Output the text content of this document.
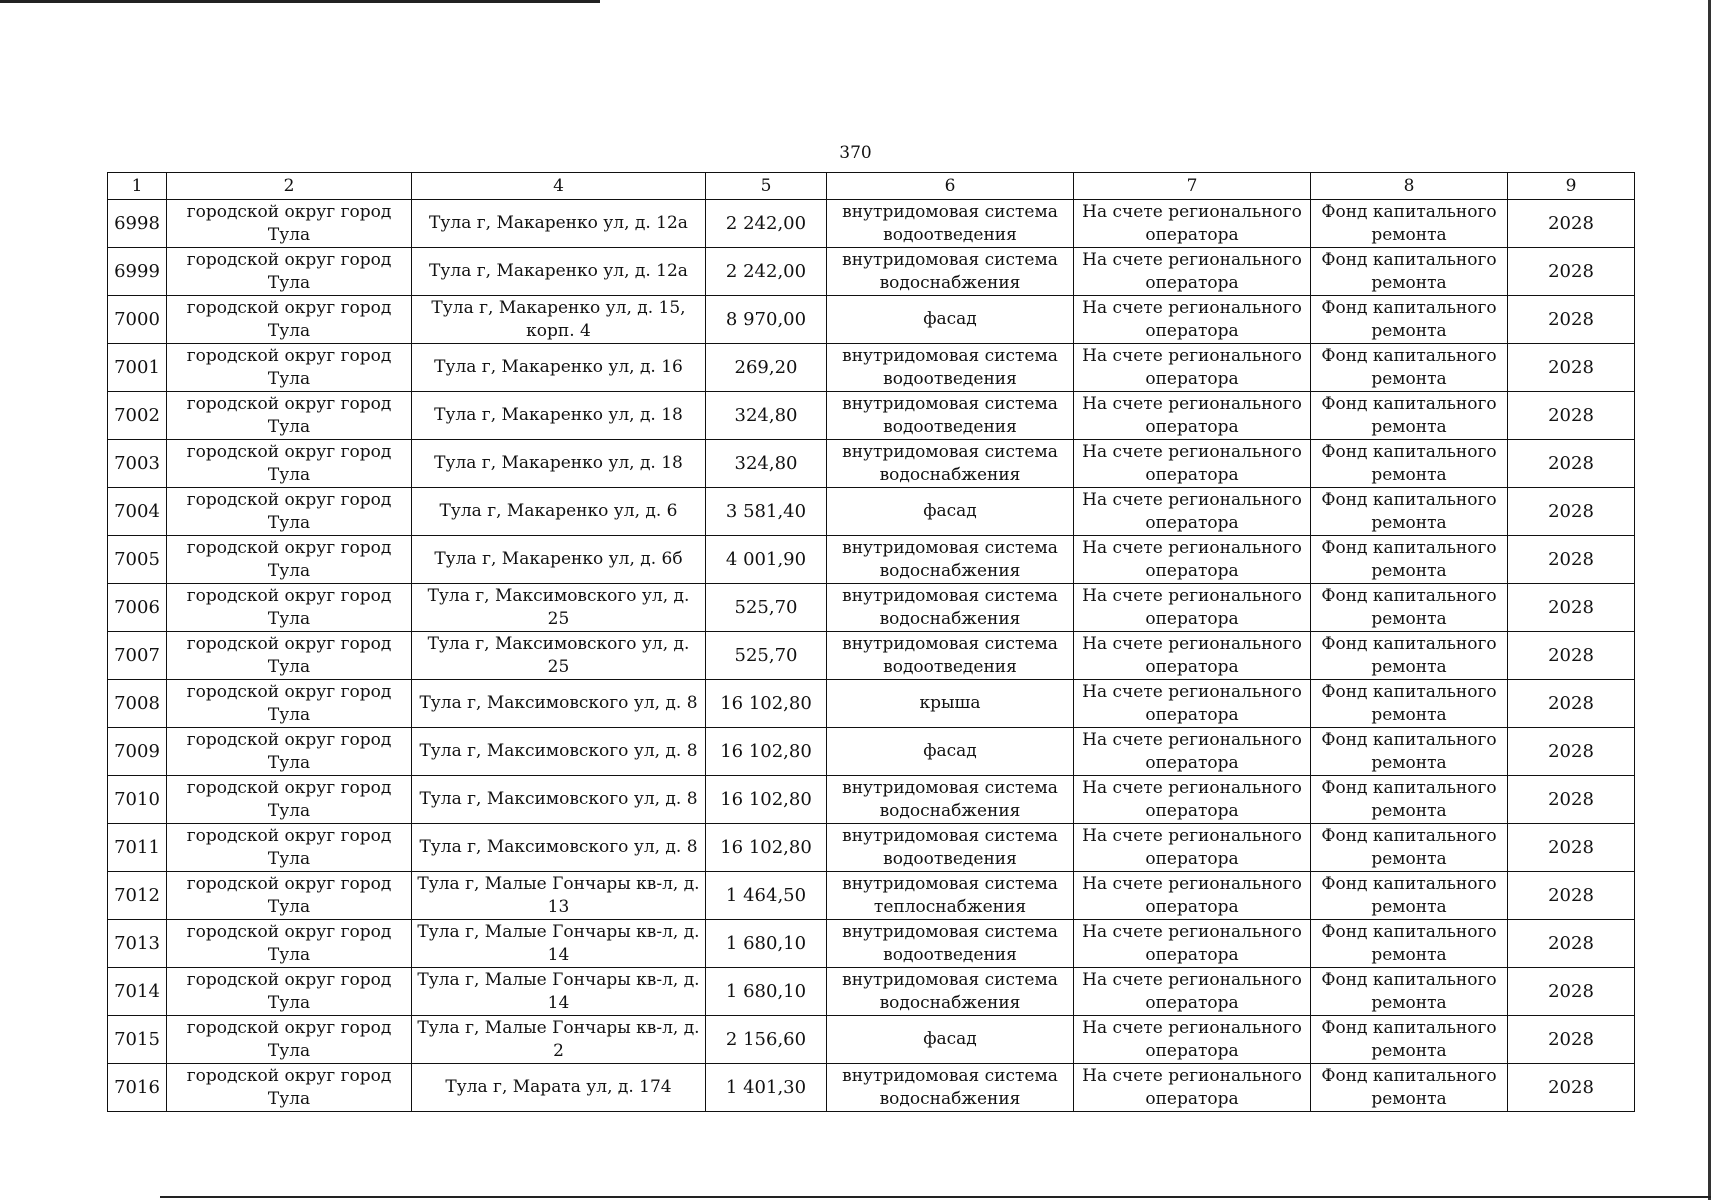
370
1	2	4	5	6	7	8	9
6998	городской округ город Тула	Тула г, Макаренко ул, д. 12а	2 242,00	внутридомовая система водоотведения	На счете регионального оператора	Фонд капитального ремонта	2028
6999	городской округ город Тула	Тула г, Макаренко ул, д. 12а	2 242,00	внутридомовая система водоснабжения	На счете регионального оператора	Фонд капитального ремонта	2028
7000	городской округ город Тула	Тула г, Макаренко ул, д. 15, корп. 4	8 970,00	фасад	На счете регионального оператора	Фонд капитального ремонта	2028
7001	городской округ город Тула	Тула г, Макаренко ул, д. 16	269,20	внутридомовая система водоотведения	На счете регионального оператора	Фонд капитального ремонта	2028
7002	городской округ город Тула	Тула г, Макаренко ул, д. 18	324,80	внутридомовая система водоотведения	На счете регионального оператора	Фонд капитального ремонта	2028
7003	городской округ город Тула	Тула г, Макаренко ул, д. 18	324,80	внутридомовая система водоснабжения	На счете регионального оператора	Фонд капитального ремонта	2028
7004	городской округ город Тула	Тула г, Макаренко ул, д. 6	3 581,40	фасад	На счете регионального оператора	Фонд капитального ремонта	2028
7005	городской округ город Тула	Тула г, Макаренко ул, д. 6б	4 001,90	внутридомовая система водоснабжения	На счете регионального оператора	Фонд капитального ремонта	2028
7006	городской округ город Тула	Тула г, Максимовского ул, д. 25	525,70	внутридомовая система водоснабжения	На счете регионального оператора	Фонд капитального ремонта	2028
7007	городской округ город Тула	Тула г, Максимовского ул, д. 25	525,70	внутридомовая система водоотведения	На счете регионального оператора	Фонд капитального ремонта	2028
7008	городской округ город Тула	Тула г, Максимовского ул, д. 8	16 102,80	крыша	На счете регионального оператора	Фонд капитального ремонта	2028
7009	городской округ город Тула	Тула г, Максимовского ул, д. 8	16 102,80	фасад	На счете регионального оператора	Фонд капитального ремонта	2028
7010	городской округ город Тула	Тула г, Максимовского ул, д. 8	16 102,80	внутридомовая система водоснабжения	На счете регионального оператора	Фонд капитального ремонта	2028
7011	городской округ город Тула	Тула г, Максимовского ул, д. 8	16 102,80	внутридомовая система водоотведения	На счете регионального оператора	Фонд капитального ремонта	2028
7012	городской округ город Тула	Тула г, Малые Гончары кв-л, д. 13	1 464,50	внутридомовая система теплоснабжения	На счете регионального оператора	Фонд капитального ремонта	2028
7013	городской округ город Тула	Тула г, Малые Гончары кв-л, д. 14	1 680,10	внутридомовая система водоотведения	На счете регионального оператора	Фонд капитального ремонта	2028
7014	городской округ город Тула	Тула г, Малые Гончары кв-л, д. 14	1 680,10	внутридомовая система водоснабжения	На счете регионального оператора	Фонд капитального ремонта	2028
7015	городской округ город Тула	Тула г, Малые Гончары кв-л, д. 2	2 156,60	фасад	На счете регионального оператора	Фонд капитального ремонта	2028
7016	городской округ город Тула	Тула г, Марата ул, д. 174	1 401,30	внутридомовая система водоснабжения	На счете регионального оператора	Фонд капитального ремонта	2028
